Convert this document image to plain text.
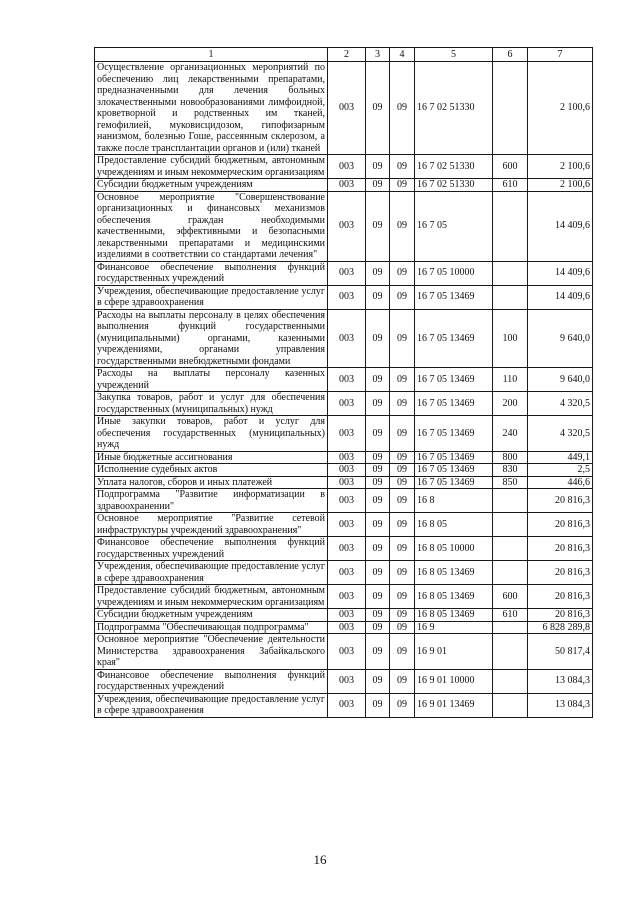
1	2	3	4	5	6	7
Осуществление организационных мероприятий по обеспечению лиц лекарственными препаратами, предназначенными для лечения больных злокачественными новообразованиями лимфоидной, кроветворной и родственных им тканей, гемофилией, муковисцидозом, гипофизарным нанизмом, болезнью Гоше, рассеянным склерозом, а также после трансплантации органов и (или) тканей	003	09	09	16 7 02 51330		2 100,6
Предоставление субсидий бюджетным, автономным учреждениям и иным некоммерческим организациям	003	09	09	16 7 02 51330	600	2 100,6
Субсидии бюджетным учреждениям	003	09	09	16 7 02 51330	610	2 100,6
Основное мероприятие "Совершенствование организационных и финансовых механизмов обеспечения граждан необходимыми качественными, эффективными и безопасными лекарственными препаратами и медицинскими изделиями в соответствии со стандартами лечения"	003	09	09	16 7 05		14 409,6
Финансовое обеспечение выполнения функций государственных учреждений	003	09	09	16 7 05 10000		14 409,6
Учреждения, обеспечивающие предоставление услуг в сфере здравоохранения	003	09	09	16 7 05 13469		14 409,6
Расходы на выплаты персоналу в целях обеспечения выполнения функций государственными (муниципальными) органами, казенными учреждениями, органами управления государственными внебюджетными фондами	003	09	09	16 7 05 13469	100	9 640,0
Расходы на выплаты персоналу казенных учреждений	003	09	09	16 7 05 13469	110	9 640,0
Закупка товаров, работ и услуг для обеспечения государственных (муниципальных) нужд	003	09	09	16 7 05 13469	200	4 320,5
Иные закупки товаров, работ и услуг для обеспечения государственных (муниципальных) нужд	003	09	09	16 7 05 13469	240	4 320,5
Иные бюджетные ассигнования	003	09	09	16 7 05 13469	800	449,1
Исполнение судебных актов	003	09	09	16 7 05 13469	830	2,5
Уплата налогов, сборов и иных платежей	003	09	09	16 7 05 13469	850	446,6
Подпрограмма "Развитие информатизации в здравоохранении"	003	09	09	16 8		20 816,3
Основное мероприятие "Развитие сетевой инфраструктуры учреждений здравоохранения"	003	09	09	16 8 05		20 816,3
Финансовое обеспечение выполнения функций государственных учреждений	003	09	09	16 8 05 10000		20 816,3
Учреждения, обеспечивающие предоставление услуг в сфере здравоохранения	003	09	09	16 8 05 13469		20 816,3
Предоставление субсидий бюджетным, автономным учреждениям и иным некоммерческим организациям	003	09	09	16 8 05 13469	600	20 816,3
Субсидии бюджетным учреждениям	003	09	09	16 8 05 13469	610	20 816,3
Подпрограмма "Обеспечивающая подпрограмма"	003	09	09	16 9		6 828 289,8
Основное мероприятие "Обеспечение деятельности Министерства здравоохранения Забайкальского края"	003	09	09	16 9 01		50 817,4
Финансовое обеспечение выполнения функций государственных учреждений	003	09	09	16 9 01 10000		13 084,3
Учреждения, обеспечивающие предоставление услуг в сфере здравоохранения	003	09	09	16 9 01 13469		13 084,3
16
